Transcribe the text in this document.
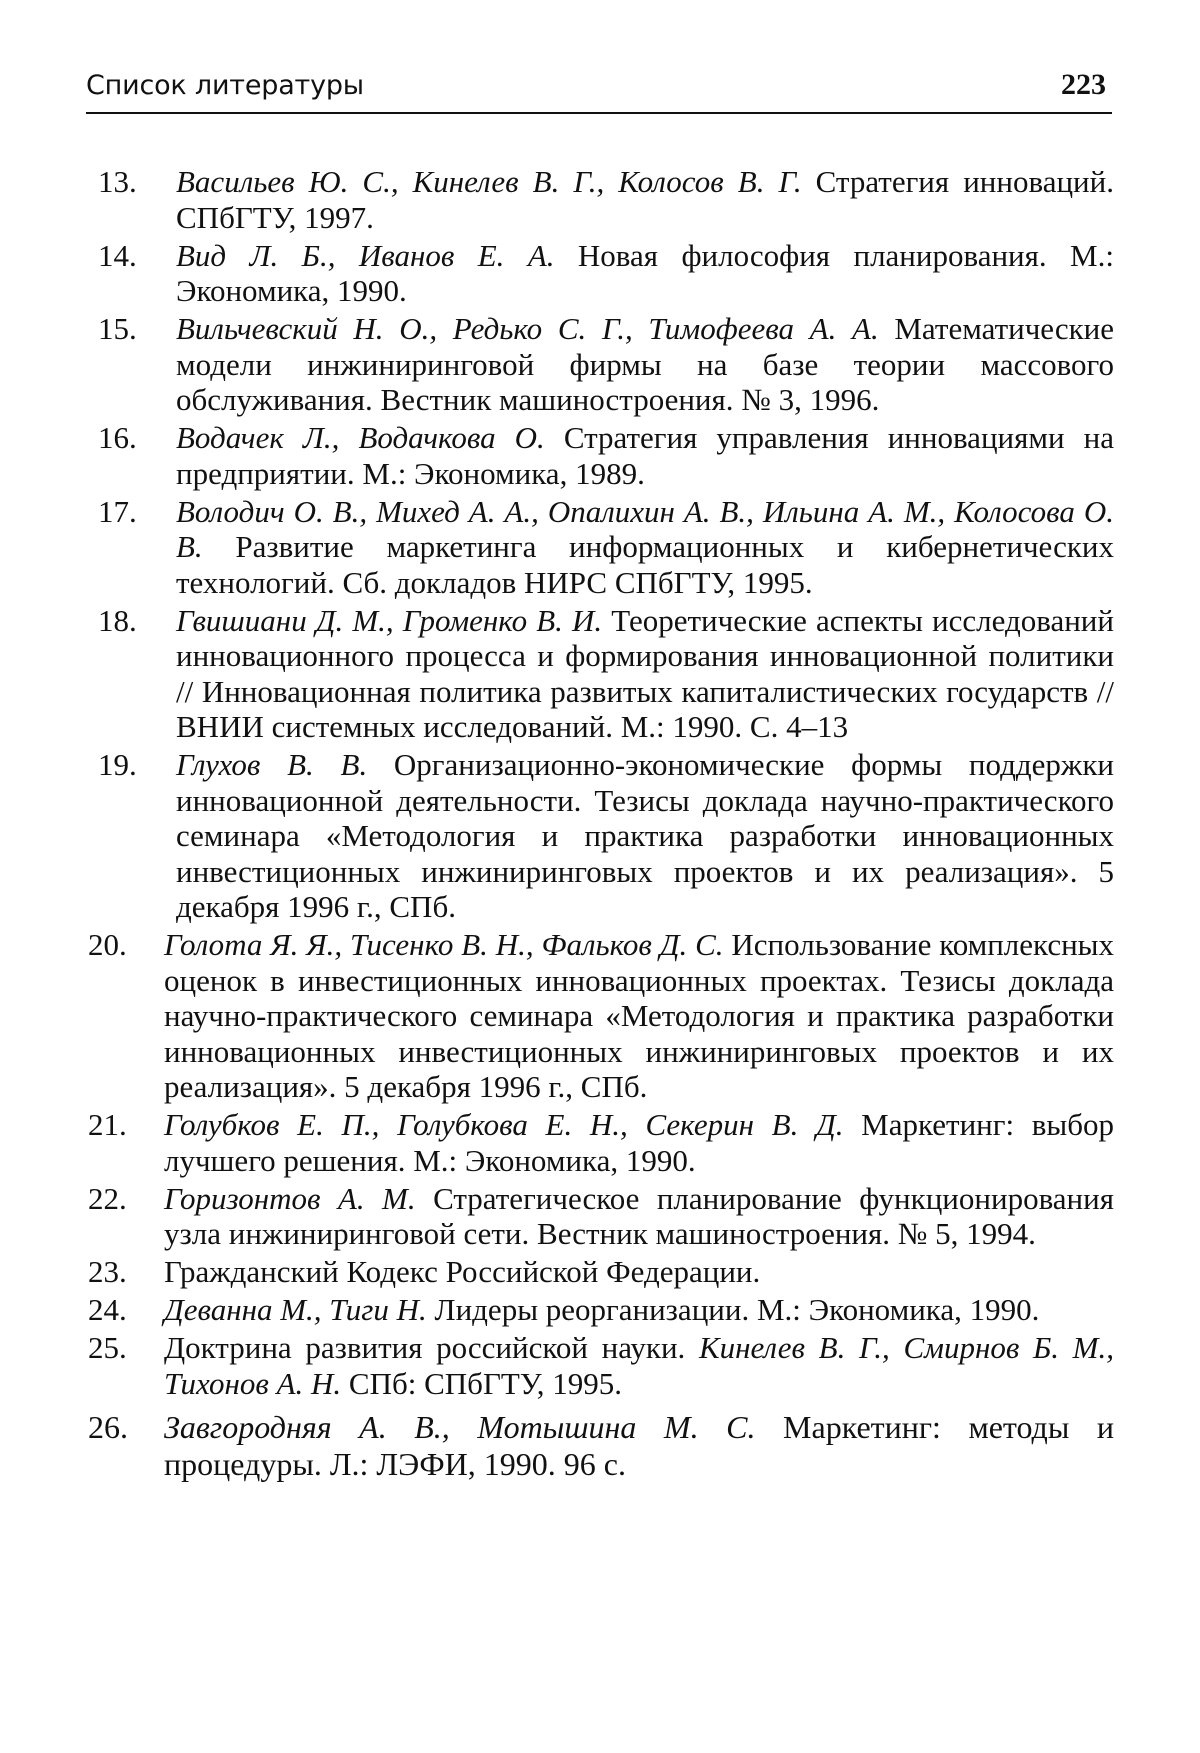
Список литературы	223
13.	Васильев Ю. С., Кинелев В. Г., Колосов В. Г. Стратегия инноваций. СПбГТУ, 1997.
14.	Вид Л. Б., Иванов Е. А. Новая философия планирования. М.: Экономика, 1990.
15.	Вильчевский Н. О., Редько С. Г., Тимофеева А. А. Математические модели инжиниринговой фирмы на базе теории массового обслуживания. Вестник машиностроения. № 3, 1996.
16.	Водачек Л., Водачкова О. Стратегия управления инновациями на предприятии. М.: Экономика, 1989.
17.	Володич О. В., Михед А. А., Опалихин А. В., Ильина А. М., Колосова О. В. Развитие маркетинга информационных и кибернетических технологий. Сб. докладов НИРС СПбГТУ, 1995.
18.	Гвишиани Д. М., Громенко В. И. Теоретические аспекты исследований инновационного процесса и формирования инновационной политики // Инновационная политика развитых капиталистических государств // ВНИИ системных исследований. М.: 1990. С. 4–13
19.	Глухов В. В. Организационно-экономические формы поддержки инновационной деятельности. Тезисы доклада научно-практического семинара «Методология и практика разработки инновационных инвестиционных инжиниринговых проектов и их реализация». 5 декабря 1996 г., СПб.
20.	Голота Я. Я., Тисенко В. Н., Фальков Д. С. Использование комплексных оценок в инвестиционных инновационных проектах. Тезисы доклада научно-практического семинара «Методология и практика разработки инновационных инвестиционных инжиниринговых проектов и их реализация». 5 декабря 1996 г., СПб.
21.	Голубков Е. П., Голубкова Е. Н., Секерин В. Д. Маркетинг: выбор лучшего решения. М.: Экономика, 1990.
22.	Горизонтов А. М. Стратегическое планирование функционирования узла инжиниринговой сети. Вестник машиностроения. № 5, 1994.
23.	Гражданский Кодекс Российской Федерации.
24.	Деванна М., Тиги Н. Лидеры реорганизации. М.: Экономика, 1990.
25.	Доктрина развития российской науки. Кинелев В. Г., Смирнов Б. М., Тихонов А. Н. СПб: СПбГТУ, 1995.
26.	Завгородняя А. В., Мотышина М. С. Маркетинг: методы и процедуры. Л.: ЛЭФИ, 1990. 96 с.
